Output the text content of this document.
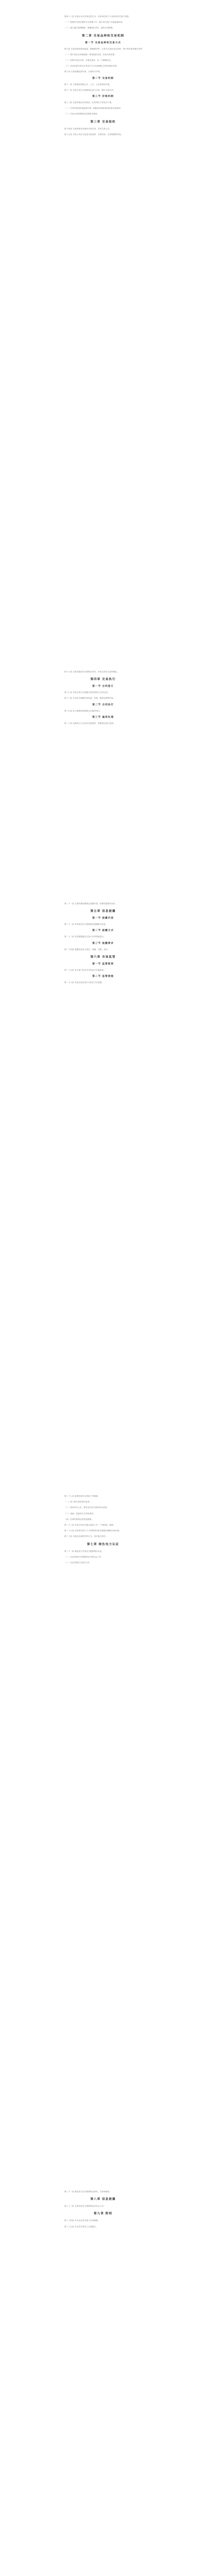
第四十八条 对违反本办法规定的行为，任何单位和个人有权向有关部门举报。
（一）按照有关规定做好安全管理工作，配合有关部门开展监督检查；
（二）建立健全管理制度，明确岗位责任，落实各项措施；
第二章 交易品种和交易机制
第一节 交易品种和交易方式
第九条 交易品种包括电能量、辅助服务等，交易方式包括双边协商、集中竞价和挂牌交易等。
（一）集中竞价交易按照统一规则组织出清，形成交易结果；
（二）挂牌交易由交易一方提出需求，另一方摘牌成交；
（三）双边协商交易由交易双方自主协商确定交易电量和价格。
第十条 交易周期包括年度、月度和月内等。
第二节 交易机制
第十一条 交易组织按照公开、公平、公正的原则开展。
第十二条 市场主体应当按照规定参与交易，履行交易合同。
第三节 价格机制
第十三条 交易价格由市场形成，任何单位不得非法干预。
（一）交易价格包括电能量价格、输配电价格和政府性基金及附加；
（二）市场主体按照规定结算相关费用。
第三章 交易组织
第十四条 交易机构负责组织开展交易，发布交易公告。
第十五条 交易公告应当包括交易品种、交易时间、交易规模等内容。
第十六条 交易结果经安全校核后发布，市场主体应当及时确认。
第四章 交易执行
第一节 合同签订
第十七条 市场主体应当根据交易结果签订交易合同。
第十八条 合同应当明确交易电量、价格、偏差处理等内容。
第二节 合同执行
第十九条 电力调度机构按照合同组织执行。
第三节 偏差处理
第二十条 实际执行与合同存在偏差的，按照规定进行处理。
第二十一条 交易结算按照规定周期开展，结算结果按时发布。
第五章 信息披露
第一节 披露内容
第二十二条 市场成员应当按照规定披露相关信息。
第二节 披露方式
第二十三条 信息披露通过交易平台等渠道进行。
第三节 披露要求
第二十四条 披露信息应当真实、准确、完整、及时。
第六章 市场监管
第一节 监管职责
第二十五条 有关部门依法对市场运行实施监管。
第二节 监管措施
第二十六条 对违反规定的行为依法予以处理。
第二十七条 监管机构可以采取下列措施：
（一）进入相关场所进行检查；
（二）询问有关人员，要求其对有关事项作出说明；
（三）查阅、复制有关文件和资料；
（四）法律法规规定的其他措施。
第二十八条 市场主体应当配合监管工作，不得拒绝、阻碍。
第二十九条 任何单位和个人不得利用市场支配地位操纵市场价格。
第三十条 对扰乱市场秩序的行为，依法追究责任。
第七章 绿色电力认证
第三十一条 绿色电力交易应当提供相应认证。
（一）认证机构应当按照规定开展认证工作；
（二）认证结果应当及时公布。
第三十二条 绿色电力证书按照规定核发、交易和使用。
第八章 信息披露
第三十三条 交易信息应当按照规定向社会公开。
第九章 附则
第三十四条 本办法由有关部门负责解释。
第三十五条 本办法自发布之日起施行。
